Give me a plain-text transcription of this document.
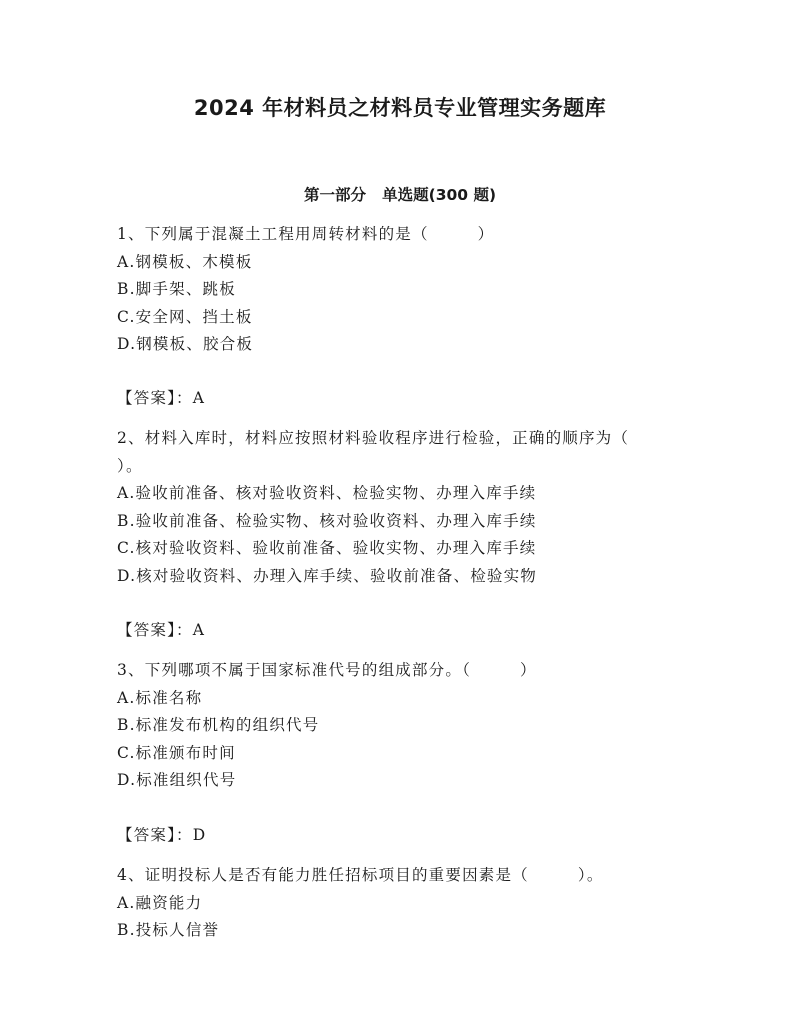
2024 年材料员之材料员专业管理实务题库
第一部分   单选题(300 题)
1、下列属于混凝土工程用周转材料的是（        ）
A.钢模板、木模板
B.脚手架、跳板
C.安全网、挡土板
D.钢模板、胶合板
【答案】：A
2、材料入库时，材料应按照材料验收程序进行检验，正确的顺序为（
）。
A.验收前准备、核对验收资料、检验实物、办理入库手续
B.验收前准备、检验实物、核对验收资料、办理入库手续
C.核对验收资料、验收前准备、验收实物、办理入库手续
D.核对验收资料、办理入库手续、验收前准备、检验实物
【答案】：A
3、下列哪项不属于国家标准代号的组成部分。（        ）
A.标准名称
B.标准发布机构的组织代号
C.标准颁布时间
D.标准组织代号
【答案】：D
4、证明投标人是否有能力胜任招标项目的重要因素是（        ）。
A.融资能力
B.投标人信誉
